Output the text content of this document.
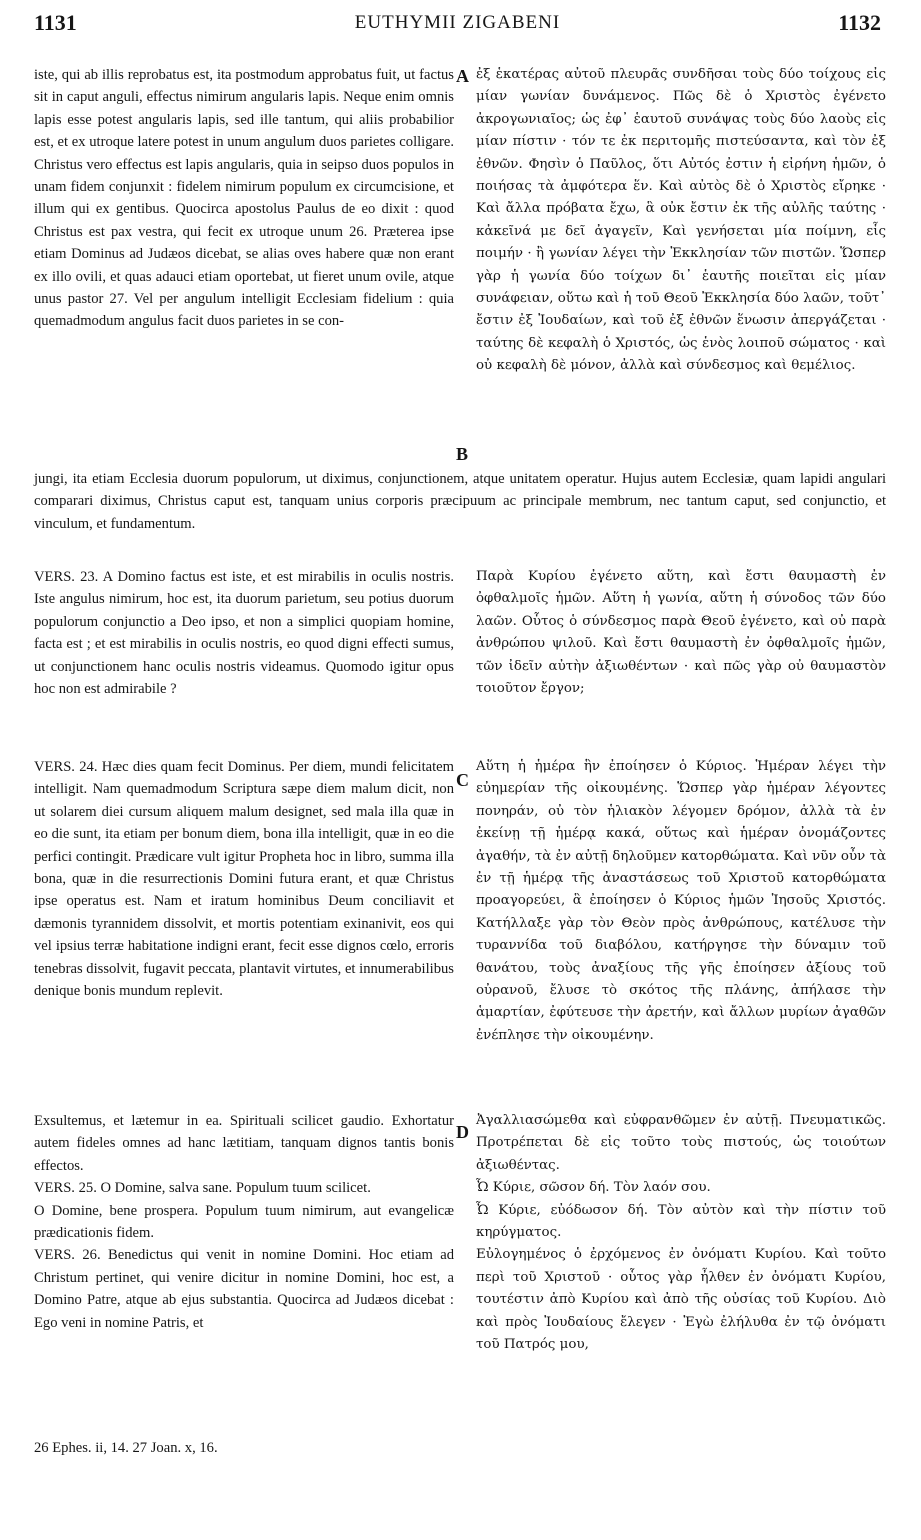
1131	EUTHYMII ZIGABENI	1132
A
B
C
D
iste, qui ab illis reprobatus est, ita postmodum approbatus fuit, ut factus sit in caput anguli, effectus nimirum angularis lapis. Neque enim omnis lapis esse potest angularis lapis, sed ille tantum, qui aliis probabilior est, et ex utroque latere potest in unum angulum duos parietes colligare. Christus vero effectus est lapis angularis, quia in seipso duos populos in unam fidem conjunxit : fidelem nimirum populum ex circumcisione, et illum qui ex gentibus. Quocirca apostolus Paulus de eo dixit : quod Christus est pax vestra, qui fecit ex utroque unum 26. Præterea ipse etiam Dominus ad Judæos dicebat, se alias oves habere quæ non erant ex illo ovili, et quas adauci etiam oportebat, ut fieret unum ovile, atque unus pastor 27. Vel per angulum intelligit Ecclesiam fidelium : quia quemadmodum angulus facit duos parietes in se con-
ἐξ ἑκατέρας αὐτοῦ πλευρᾶς συνδῆσαι τοὺς δύο τοίχους εἰς μίαν γωνίαν δυνάμενος. Πῶς δὲ ὁ Χριστὸς ἐγένετο ἀκρογωνιαῖος; ὡς ἐφ᾿ ἑαυτοῦ συνάψας τοὺς δύο λαοὺς εἰς μίαν πίστιν · τόν τε ἐκ περιτομῆς πιστεύσαντα, καὶ τὸν ἐξ ἐθνῶν. Φησὶν ὁ Παῦλος, ὅτι Αὐτός ἐστιν ἡ εἰρήνη ἡμῶν, ὁ ποιήσας τὰ ἀμφότερα ἕν. Καὶ αὐτὸς δὲ ὁ Χριστὸς εἴρηκε · Καὶ ἄλλα πρόβατα ἔχω, ἃ οὐκ ἔστιν ἐκ τῆς αὐλῆς ταύτης · κἀκεῖνά με δεῖ ἀγαγεῖν, Καὶ γενήσεται μία ποίμνη, εἷς ποιμήν · ἢ γωνίαν λέγει τὴν Ἐκκλησίαν τῶν πιστῶν. Ὥσπερ γὰρ ἡ γωνία δύο τοίχων δι᾿ ἑαυτῆς ποιεῖται εἰς μίαν συνάφειαν, οὕτω καὶ ἡ τοῦ Θεοῦ Ἐκκλησία δύο λαῶν, τοῦτ᾿ ἔστιν ἐξ Ἰουδαίων, καὶ τοῦ ἐξ ἐθνῶν ἕνωσιν ἀπεργάζεται · ταύτης δὲ κεφαλὴ ὁ Χριστός, ὡς ἑνὸς λοιποῦ σώματος · καὶ οὐ κεφαλὴ δὲ μόνον, ἀλλὰ καὶ σύνδεσμος καὶ θεμέλιος.
jungi, ita etiam Ecclesia duorum populorum, ut diximus, conjunctionem, atque unitatem operatur. Hujus autem Ecclesiæ, quam lapidi angulari comparari diximus, Christus caput est, tanquam unius corporis præcipuum ac principale membrum, nec tantum caput, sed conjunctio, et vinculum, et fundamentum.
VERS. 23. A Domino factus est iste, et est mirabilis in oculis nostris. Iste angulus nimirum, hoc est, ita duorum parietum, seu potius duorum populorum conjunctio a Deo ipso, et non a simplici quopiam homine, facta est ; et est mirabilis in oculis nostris, eo quod digni effecti sumus, ut conjunctionem hanc oculis nostris videamus. Quomodo igitur opus hoc non est admirabile ?
Παρὰ Κυρίου ἐγένετο αὕτη, καὶ ἔστι θαυμαστὴ ἐν ὀφθαλμοῖς ἡμῶν. Αὕτη ἡ γωνία, αὕτη ἡ σύνοδος τῶν δύο λαῶν. Οὗτος ὁ σύνδεσμος παρὰ Θεοῦ ἐγένετο, καὶ οὐ παρὰ ἀνθρώπου ψιλοῦ. Καὶ ἔστι θαυμαστὴ ἐν ὀφθαλμοῖς ἡμῶν, τῶν ἰδεῖν αὐτὴν ἀξιωθέντων · καὶ πῶς γὰρ οὐ θαυμαστὸν τοιοῦτον ἔργον;
VERS. 24. Hæc dies quam fecit Dominus. Per diem, mundi felicitatem intelligit. Nam quemadmodum Scriptura sæpe diem malum dicit, non ut solarem diei cursum aliquem malum designet, sed mala illa quæ in eo die sunt, ita etiam per bonum diem, bona illa intelligit, quæ in eo die perfici contingit. Prædicare vult igitur Propheta hoc in libro, summa illa bona, quæ in die resurrectionis Domini futura erant, et quæ Christus ipse operatus est. Nam et iratum hominibus Deum conciliavit et dæmonis tyrannidem dissolvit, et mortis potentiam exinanivit, eos qui vel ipsius terræ habitatione indigni erant, fecit esse dignos cœlo, erroris tenebras dissolvit, fugavit peccata, plantavit virtutes, et innumerabilibus denique bonis mundum replevit.
Αὕτη ἡ ἡμέρα ἣν ἐποίησεν ὁ Κύριος. Ἡμέραν λέγει τὴν εὐημερίαν τῆς οἰκουμένης. Ὥσπερ γὰρ ἡμέραν λέγοντες πονηράν, οὐ τὸν ἡλιακὸν λέγομεν δρόμον, ἀλλὰ τὰ ἐν ἐκείνῃ τῇ ἡμέρᾳ κακά, οὕτως καὶ ἡμέραν ὀνομάζοντες ἀγαθήν, τὰ ἐν αὐτῇ δηλοῦμεν κατορθώματα. Καὶ νῦν οὖν τὰ ἐν τῇ ἡμέρᾳ τῆς ἀναστάσεως τοῦ Χριστοῦ κατορθώματα προαγορεύει, ἃ ἐποίησεν ὁ Κύριος ἡμῶν Ἰησοῦς Χριστός. Κατήλλαξε γὰρ τὸν Θεὸν πρὸς ἀνθρώπους, κατέλυσε τὴν τυραννίδα τοῦ διαβόλου, κατήργησε τὴν δύναμιν τοῦ θανάτου, τοὺς ἀναξίους τῆς γῆς ἐποίησεν ἀξίους τοῦ οὐρανοῦ, ἔλυσε τὸ σκότος τῆς πλάνης, ἀπήλασε τὴν ἁμαρτίαν, ἐφύτευσε τὴν ἀρετήν, καὶ ἄλλων μυρίων ἀγαθῶν ἐνέπλησε τὴν οἰκουμένην.
Exsultemus, et lætemur in ea. Spirituali scilicet gaudio. Exhortatur autem fideles omnes ad hanc lætitiam, tanquam dignos tantis bonis effectos.
VERS. 25. O Domine, salva sane. Populum tuum scilicet.
O Domine, bene prospera. Populum tuum nimirum, aut evangelicæ prædicationis fidem.
VERS. 26. Benedictus qui venit in nomine Domini. Hoc etiam ad Christum pertinet, qui venire dicitur in nomine Domini, hoc est, a Domino Patre, atque ab ejus substantia. Quocirca ad Judæos dicebat : Ego veni in nomine Patris, et
Ἀγαλλιασώμεθα καὶ εὐφρανθῶμεν ἐν αὐτῇ. Πνευματικῶς. Προτρέπεται δὲ εἰς τοῦτο τοὺς πιστούς, ὡς τοιούτων ἀξιωθέντας.
Ὦ Κύριε, σῶσον δή. Τὸν λαόν σου.
Ὦ Κύριε, εὐόδωσον δή. Τὸν αὐτὸν καὶ τὴν πίστιν τοῦ κηρύγματος.
Εὐλογημένος ὁ ἐρχόμενος ἐν ὀνόματι Κυρίου. Καὶ τοῦτο περὶ τοῦ Χριστοῦ · οὗτος γὰρ ἦλθεν ἐν ὀνόματι Κυρίου, τουτέστιν ἀπὸ Κυρίου καὶ ἀπὸ τῆς οὐσίας τοῦ Κυρίου. Διὸ καὶ πρὸς Ἰουδαίους ἔλεγεν · Ἐγὼ ἐλήλυθα ἐν τῷ ὀνόματι τοῦ Πατρός μου,
26 Ephes. ii, 14. 27 Joan. x, 16.
